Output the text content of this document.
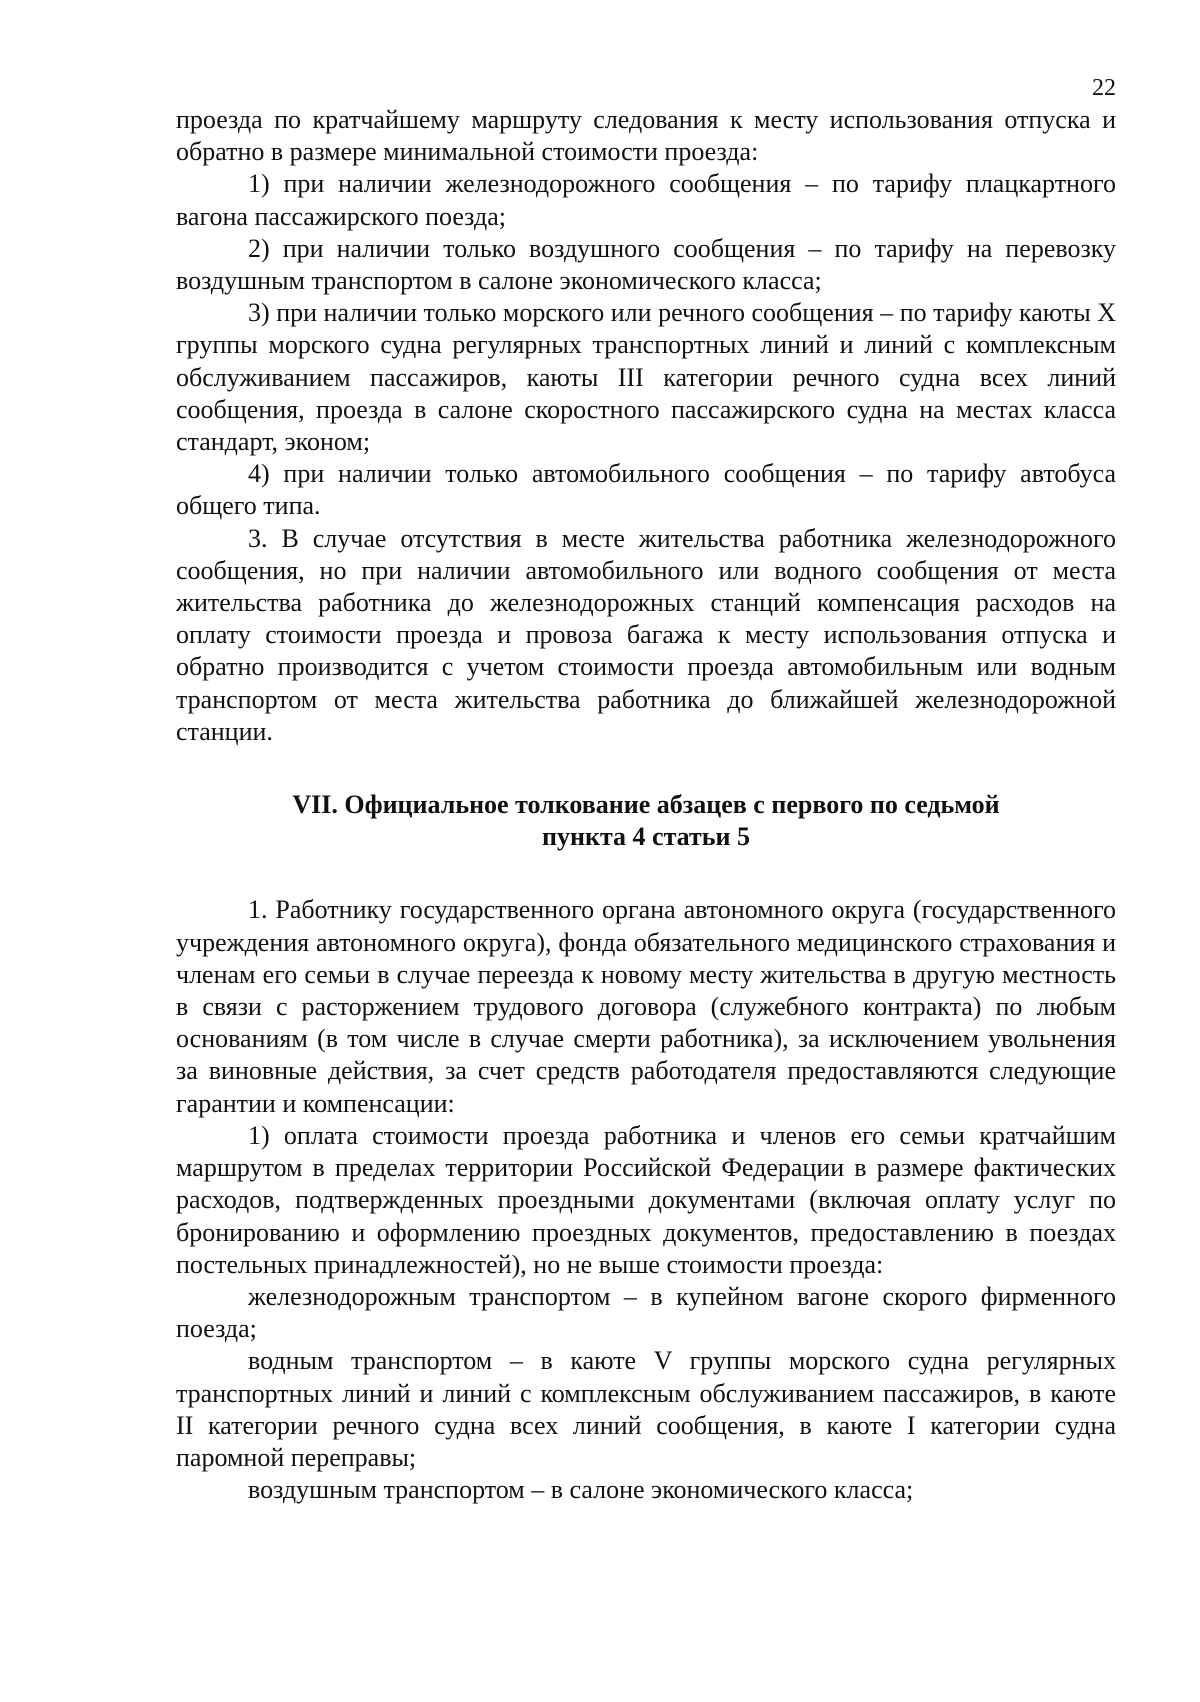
22

проезда по кратчайшему маршруту следования к месту использования отпуска и обратно в размере минимальной стоимости проезда:

1) при наличии железнодорожного сообщения – по тарифу плацкартного вагона пассажирского поезда;

2) при наличии только воздушного сообщения – по тарифу на перевозку воздушным транспортом в салоне экономического класса;

3) при наличии только морского или речного сообщения – по тарифу каюты X группы морского судна регулярных транспортных линий и линий с комплексным обслуживанием пассажиров, каюты III категории речного судна всех линий сообщения, проезда в салоне скоростного пассажирского судна на местах класса стандарт, эконом;

4) при наличии только автомобильного сообщения – по тарифу автобуса общего типа.

3. В случае отсутствия в месте жительства работника железнодорожного сообщения, но при наличии автомобильного или водного сообщения от места жительства работника до железнодорожных станций компенсация расходов на оплату стоимости проезда и провоза багажа к месту использования отпуска и обратно производится с учетом стоимости проезда автомобильным или водным транспортом от места жительства работника до ближайшей железнодорожной станции.

VII. Официальное толкование абзацев с первого по седьмой
пункта 4 статьи 5

1. Работнику государственного органа автономного округа (государственного учреждения автономного округа), фонда обязательного медицинского страхования и членам его семьи в случае переезда к новому месту жительства в другую местность в связи с расторжением трудового договора (служебного контракта) по любым основаниям (в том числе в случае смерти работника), за исключением увольнения за виновные действия, за счет средств работодателя предоставляются следующие гарантии и компенсации:

1) оплата стоимости проезда работника и членов его семьи кратчайшим маршрутом в пределах территории Российской Федерации в размере фактических расходов, подтвержденных проездными документами (включая оплату услуг по бронированию и оформлению проездных документов, предоставлению в поездах постельных принадлежностей), но не выше стоимости проезда:

железнодорожным транспортом – в купейном вагоне скорого фирменного поезда;

водным транспортом – в каюте V группы морского судна регулярных транспортных линий и линий с комплексным обслуживанием пассажиров, в каюте II категории речного судна всех линий сообщения, в каюте I категории судна паромной переправы;

воздушным транспортом – в салоне экономического класса;
